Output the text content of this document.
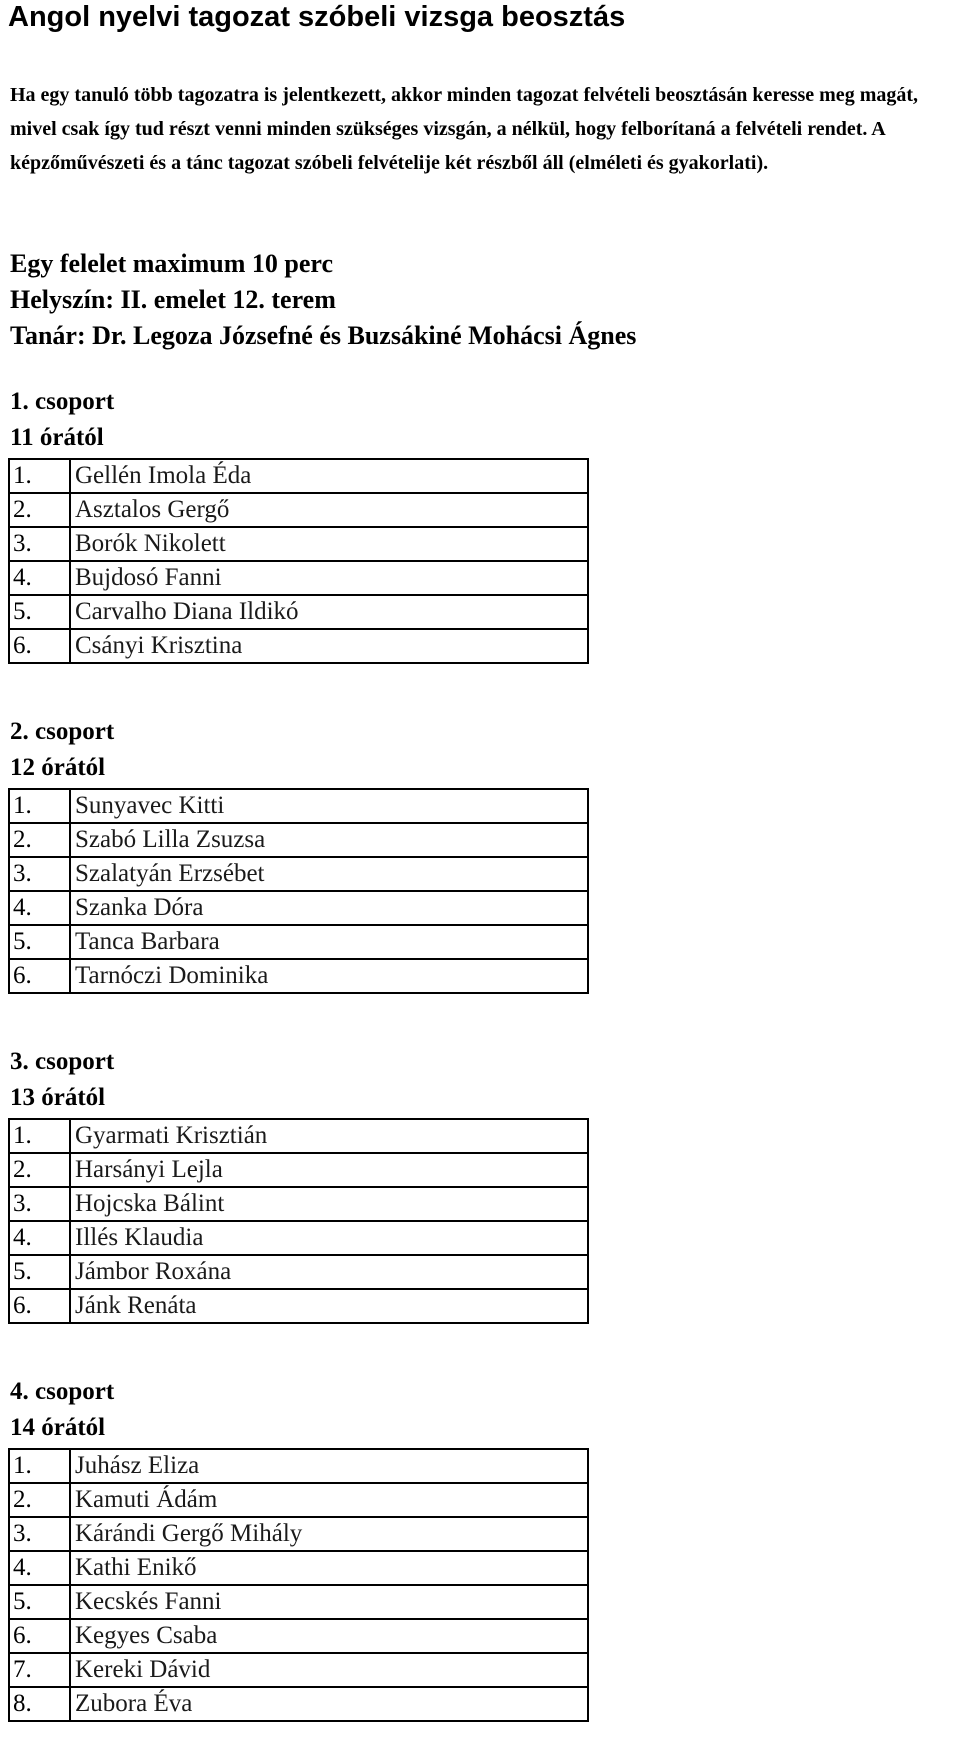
Angol nyelvi tagozat szóbeli vizsga beosztás

Ha egy tanuló több tagozatra is jelentkezett, akkor minden tagozat felvételi beosztásán keresse meg magát, mivel csak így tud részt venni minden szükséges vizsgán, a nélkül, hogy felborítaná a felvételi rendet. A képzőművészeti és a tánc tagozat szóbeli felvételije két részből áll (elméleti és gyakorlati).

Egy felelet maximum 10 perc
Helyszín: II. emelet 12. terem
Tanár: Dr. Legoza Józsefné és Buzsákiné Mohácsi Ágnes
1. csoport
11 órától
1.	Gellén Imola Éda
2.	Asztalos Gergő
3.	Borók Nikolett
4.	Bujdosó Fanni
5.	Carvalho Diana Ildikó
6.	Csányi Krisztina
2. csoport
12 órától
1.	Sunyavec Kitti
2.	Szabó Lilla Zsuzsa
3.	Szalatyán Erzsébet
4.	Szanka Dóra
5.	Tanca Barbara
6.	Tarnóczi Dominika
3. csoport
13 órától
1.	Gyarmati Krisztián
2.	Harsányi Lejla
3.	Hojcska Bálint
4.	Illés Klaudia
5.	Jámbor Roxána
6.	Jánk Renáta
4. csoport
14 órától
1.	Juhász Eliza
2.	Kamuti Ádám
3.	Kárándi Gergő Mihály
4.	Kathi Enikő
5.	Kecskés Fanni
6.	Kegyes Csaba
7.	Kereki Dávid
8.	Zubora Éva
